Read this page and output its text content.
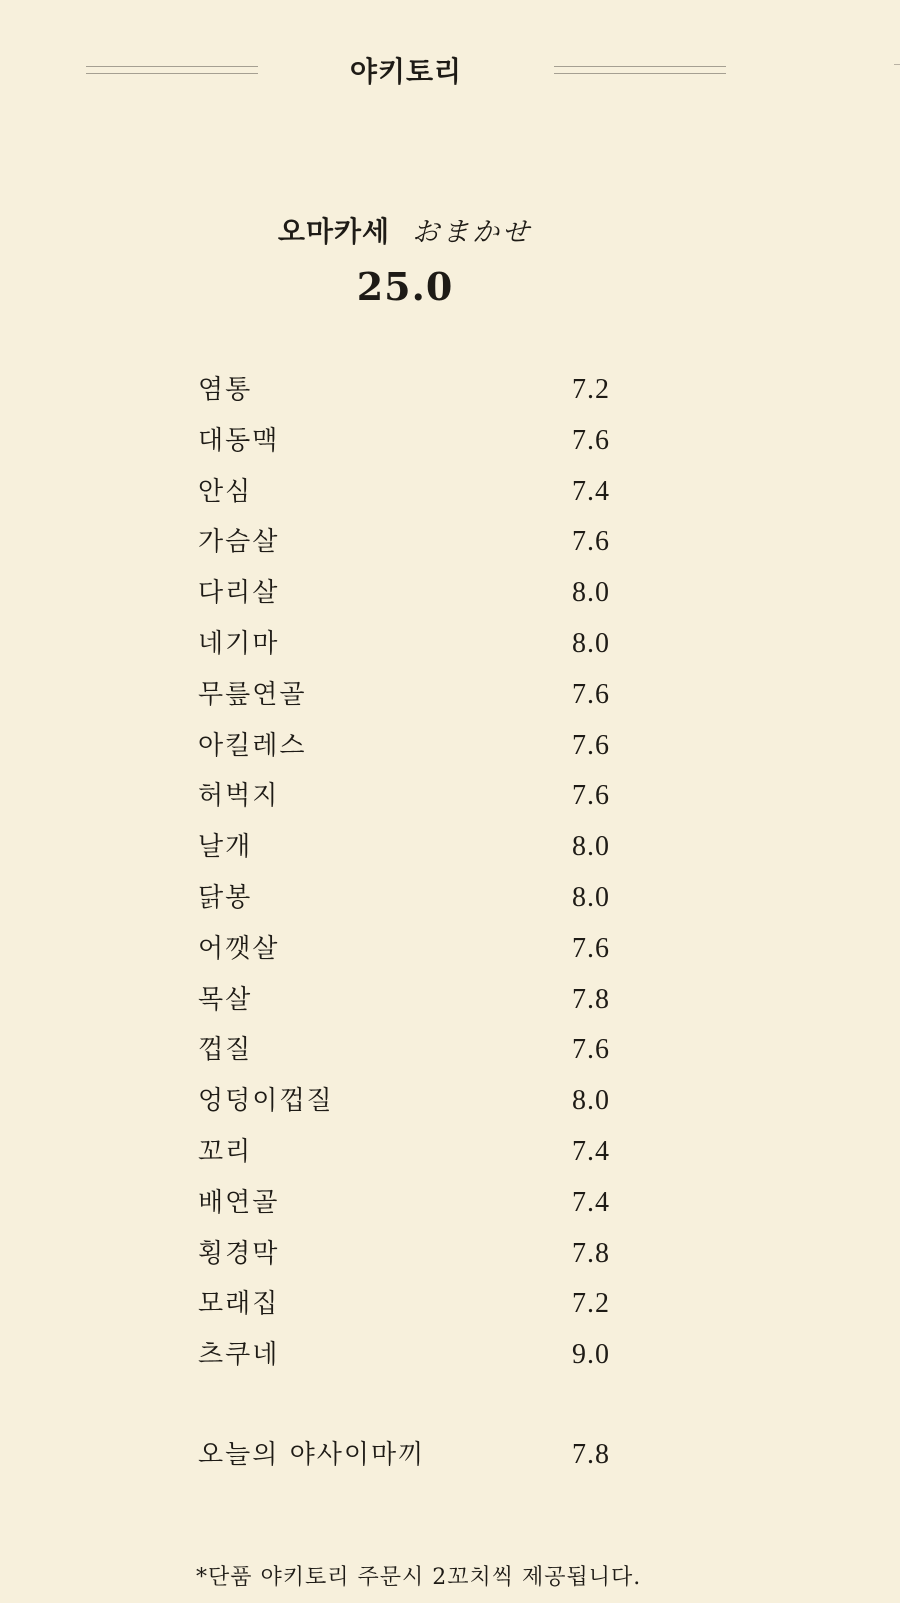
야키토리
오마카세 おまかせ
25.0
염통	7.2
대동맥	7.6
안심	7.4
가슴살	7.6
다리살	8.0
네기마	8.0
무릎연골	7.6
아킬레스	7.6
허벅지	7.6
날개	8.0
닭봉	8.0
어깻살	7.6
목살	7.8
껍질	7.6
엉덩이껍질	8.0
꼬리	7.4
배연골	7.4
횡경막	7.8
모래집	7.2
츠쿠네	9.0
오늘의 야사이마끼	7.8
*단품 야키토리 주문시 2꼬치씩 제공됩니다.
